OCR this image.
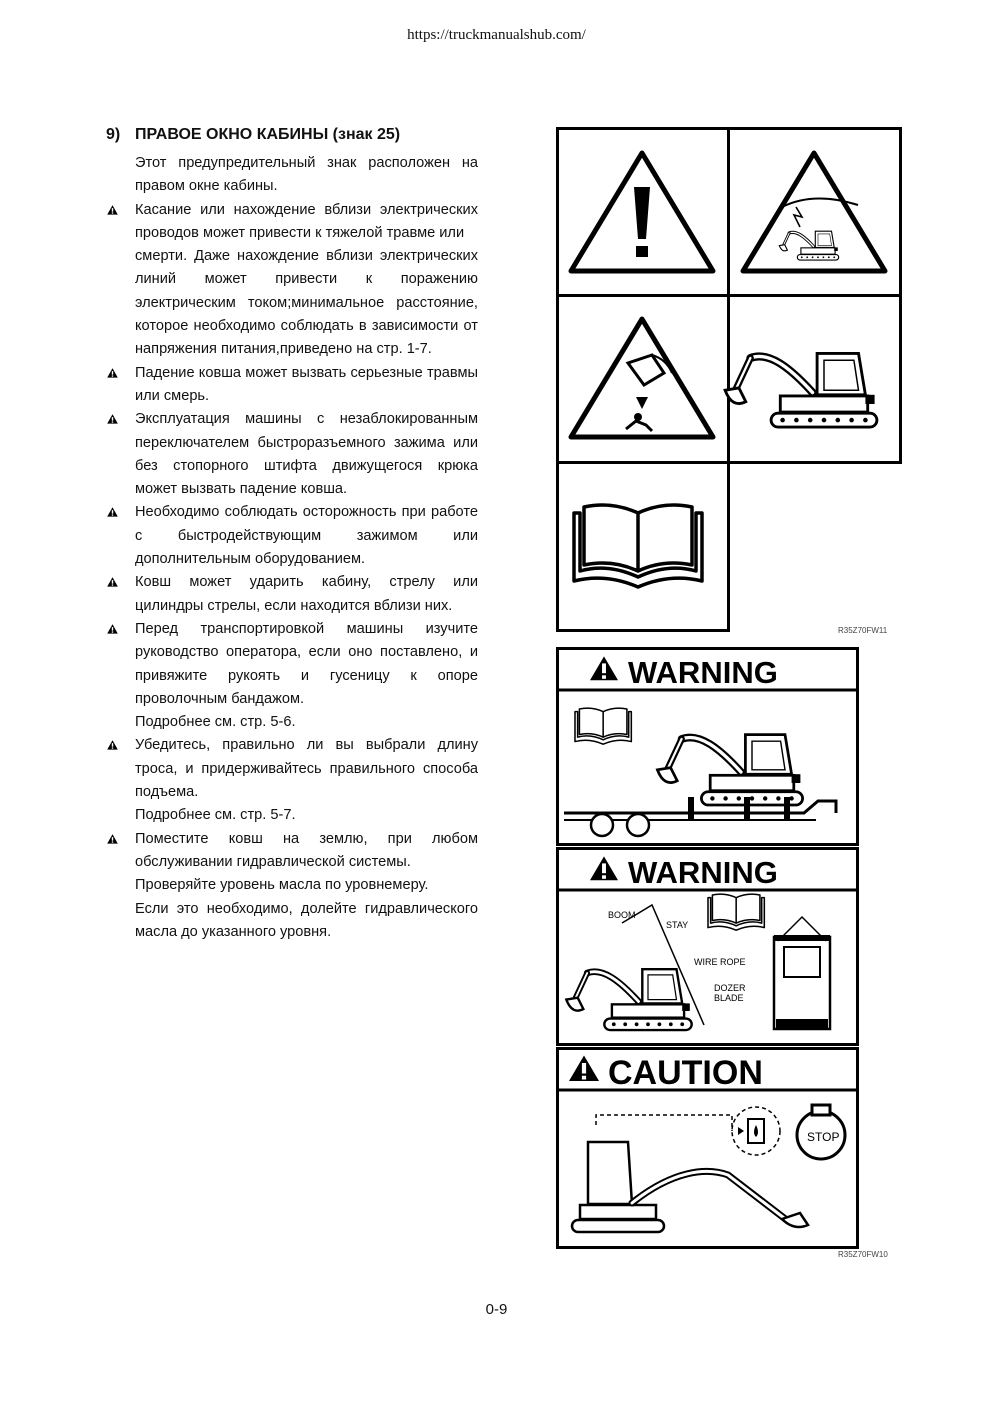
https://truckmanualshub.com/
9) ПРАВОЕ ОКНО КАБИНЫ (знак 25)
Этот предупредительный знак расположен на правом окне кабины.
Касание или нахождение вблизи электрических проводов может привести к тяжелой травме или
смерти. Даже нахождение вблизи электрических линий может привести к поражению электрическим током;минимальное расстояние, которое необходимо соблюдать в зависимости от напряжения питания,приведено на стр. 1-7.
Падение ковша может вызвать серьезные травмы или смерь.
Эксплуатация машины с незаблокированным переключателем быстроразъемного зажима или без стопорного штифта движущегося крюка может вызвать падение ковша.
Необходимо соблюдать осторожность при работе с быстродействующим зажимом или дополнительным оборудованием.
Ковш может ударить кабину, стрелу или цилиндры стрелы, если находится вблизи них.
Перед транспортировкой машины изучите руководство оператора, если оно поставлено, и привяжите рукоять и гусеницу к опоре проволочным бандажом.
Подробнее см. стр. 5-6.
Убедитесь, правильно ли вы выбрали длину троса, и придерживайтесь правильного способа подъема.
Подробнее см. стр. 5-7.
Поместите ковш на землю, при любом обслуживании гидравлической системы.
Проверяйте уровень масла по уровнемеру.
Если это необходимо, долейте гидравлического масла до указанного уровня.
R35Z70FW11
WARNING
WARNING
BOOM
STAY
WIRE ROPE
DOZER
BLADE
CAUTION
STOP
R35Z70FW10
0-9
